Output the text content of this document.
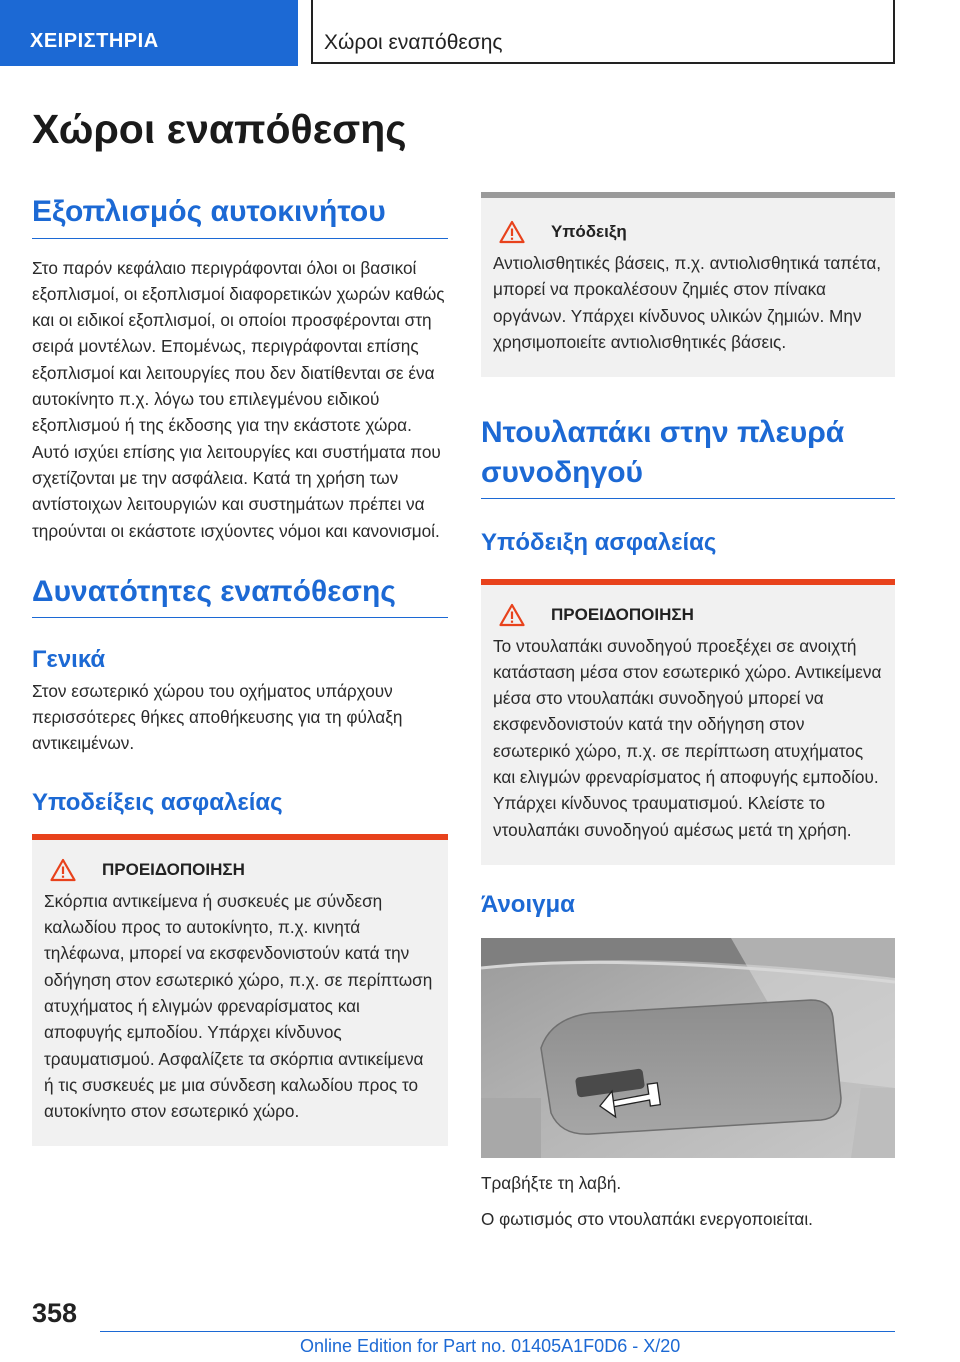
ΧΕΙΡΙΣΤΗΡΙΑ	Χώροι εναπόθεσης
Χώροι εναπόθεσης
Εξοπλισμός αυτοκινήτου

Στο παρόν κεφάλαιο περιγράφονται όλοι οι βασικοί εξοπλισμοί, οι εξοπλισμοί διαφορετικών χωρών καθώς και οι ειδικοί εξοπλισμοί, οι οποίοι προσφέρονται στη σειρά μοντέλων. Επομένως, περιγράφονται επίσης εξοπλισμοί και λειτουργίες που δεν διατίθενται σε ένα αυτοκίνητο π.χ. λόγω του επιλεγμένου ειδικού εξοπλισμού ή της έκδοσης για την εκάστοτε χώρα. Αυτό ισχύει επίσης για λειτουργίες και συστήματα που σχετίζονται με την ασφάλεια. Κατά τη χρήση των αντίστοιχων λειτουργιών και συστημάτων πρέπει να τηρούνται οι εκάστοτε ισχύοντες νόμοι και κανονισμοί.

Δυνατότητες εναπόθεσης
Γενικά

Στον εσωτερικό χώρου του οχήματος υπάρχουν περισσότερες θήκες αποθήκευσης για τη φύλαξη αντικειμένων.

Υποδείξεις ασφαλείας
ΠΡΟΕΙΔΟΠΟΙΗΣΗ

Σκόρπια αντικείμενα ή συσκευές με σύνδεση καλωδίου προς το αυτοκίνητο, π.χ. κινητά τηλέφωνα, μπορεί να εκσφενδονιστούν κατά την οδήγηση στον εσωτερικό χώρο, π.χ. σε περίπτωση ατυχήματος ή ελιγμών φρεναρίσματος και αποφυγής εμποδίου. Υπάρχει κίνδυνος τραυματισμού. Ασφαλίζετε τα σκόρπια αντικείμενα ή τις συσκευές με μια σύνδεση καλωδίου προς το αυτοκίνητο στον εσωτερικό χώρο.

Υπόδειξη

Αντιολισθητικές βάσεις, π.χ. αντιολισθητικά ταπέτα, μπορεί να προκαλέσουν ζημιές στον πίνακα οργάνων. Υπάρχει κίνδυνος υλικών ζημιών. Μην χρησιμοποιείτε αντιολισθητικές βάσεις.

Ντουλαπάκι στην πλευρά συνοδηγού
Υπόδειξη ασφαλείας
ΠΡΟΕΙΔΟΠΟΙΗΣΗ

Το ντουλαπάκι συνοδηγού προεξέχει σε ανοιχτή κατάσταση μέσα στον εσωτερικό χώρο. Αντικείμενα μέσα στο ντουλαπάκι συνοδηγού μπορεί να εκσφενδονιστούν κατά την οδήγηση στον εσωτερικό χώρο, π.χ. σε περίπτωση ατυχήματος και ελιγμών φρεναρίσματος ή αποφυγής εμποδίου. Υπάρχει κίνδυνος τραυματισμού. Κλείστε το ντουλαπάκι συνοδηγού αμέσως μετά τη χρήση.

Άνοιγμα

Τραβήξτε τη λαβή.

Ο φωτισμός στο ντουλαπάκι ενεργοποιείται.

358
Online Edition for Part no. 01405A1F0D6 - X/20
